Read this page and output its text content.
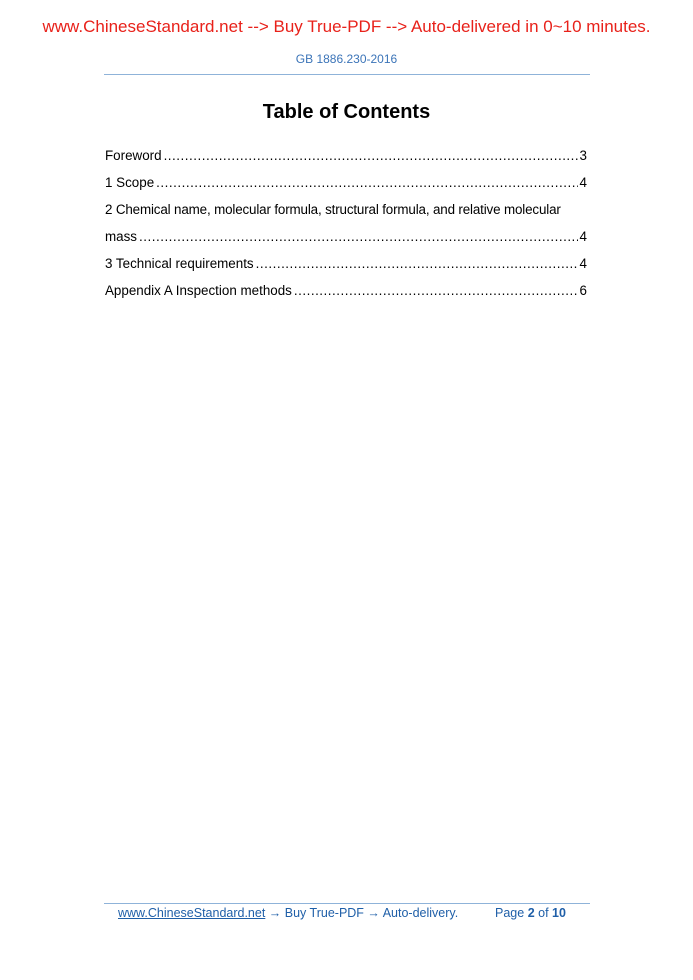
www.ChineseStandard.net --> Buy True-PDF --> Auto-delivered in 0~10 minutes.
GB 1886.230-2016
Table of Contents
Foreword . . .	3
1 Scope . . .	4
2 Chemical name, molecular formula, structural formula, and relative molecular
mass . . .	4
3 Technical requirements . . .	4
Appendix A Inspection methods . . .	6
www.ChineseStandard.net → Buy True-PDF → Auto-delivery.	Page 2 of 10
